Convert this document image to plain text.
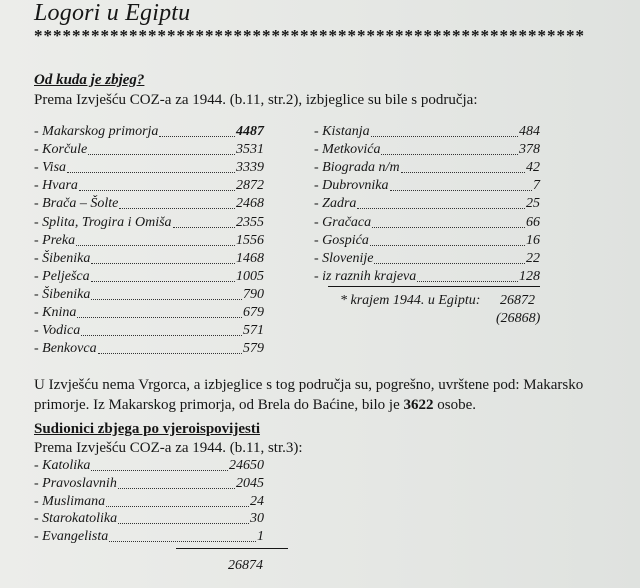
Logori u Egiptu
**********************************************************
Od kuda je zbjeg?
Prema Izvješću COZ-a za 1944. (b.11, str.2), izbjeglice su bile s područja:
- Makarskog primorja	4487
- Korčule	3531
- Visa	3339
- Hvara	2872
- Brača – Šolte	2468
- Splita, Trogira i Omiša	2355
- Preka	1556
- Šibenika	1468
- Pelješca	1005
- Šibenika	790
- Knina	679
- Vodica	571
- Benkovca	579
- Kistanja	484
- Metkovića	378
- Biograda n/m	42
- Dubrovnika	7
- Zadra	25
- Gračaca	66
- Gospića	16
- Slovenije	22
- iz raznih krajeva	128
* krajem 1944. u Egiptu: 26872
(26868)
U Izvješću nema Vrgorca, a izbjeglice s tog područja su, pogrešno, uvrštene pod: Makarsko primorje. Iz Makarskog primorja, od Brela do Baćine, bilo je 3622 osobe.
Sudionici zbjega po vjeroispovijesti
Prema Izvješću COZ-a za 1944. (b.11, str.3):
- Katolika	24650
- Pravoslavnih	2045
- Muslimana	24
- Starokatolika	30
- Evangelista	1
26874
